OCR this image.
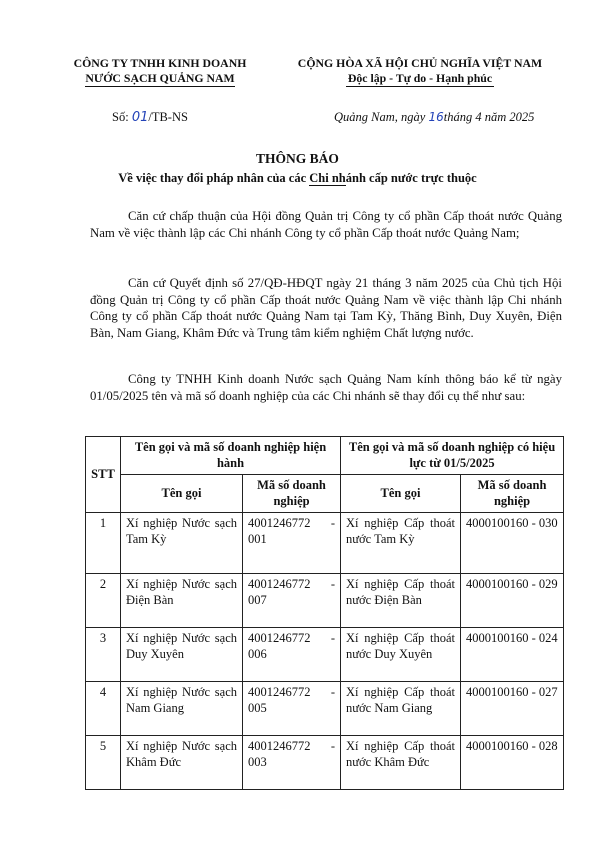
CÔNG TY TNHH KINH DOANH
NƯỚC SẠCH QUẢNG NAM
CỘNG HÒA XÃ HỘI CHỦ NGHĨA VIỆT NAM
Độc lập - Tự do - Hạnh phúc
Số: 01/TB-NS	Quảng Nam, ngày 16tháng 4 năm 2025
THÔNG BÁO
Về việc thay đổi pháp nhân của các Chi nhánh cấp nước trực thuộc

Căn cứ chấp thuận của Hội đồng Quản trị Công ty cổ phần Cấp thoát nước Quảng Nam về việc thành lập các Chi nhánh Công ty cổ phần Cấp thoát nước Quảng Nam;

Căn cứ Quyết định số 27/QĐ-HĐQT ngày 21 tháng 3 năm 2025 của Chủ tịch Hội đồng Quản trị Công ty cổ phần Cấp thoát nước Quảng Nam về việc thành lập Chi nhánh Công ty cổ phần Cấp thoát nước Quảng Nam tại Tam Kỳ, Thăng Bình, Duy Xuyên, Điện Bàn, Nam Giang, Khâm Đức và Trung tâm kiểm nghiệm Chất lượng nước.

Công ty TNHH Kinh doanh Nước sạch Quảng Nam kính thông báo kể từ ngày 01/05/2025 tên và mã số doanh nghiệp của các Chi nhánh sẽ thay đổi cụ thể như sau:

STT	Tên gọi và mã số doanh nghiệp hiện hành		Tên gọi và mã số doanh nghiệp có hiệu lực từ 01/5/2025	
	Tên gọi	Mã số doanh nghiệp	Tên gọi	Mã số doanh nghiệp
1	Xí nghiệp Nước sạch Tam Kỳ	4001246772 - 001	Xí nghiệp Cấp thoát nước Tam Kỳ	4000100160 - 030
2	Xí nghiệp Nước sạch Điện Bàn	4001246772 - 007	Xí nghiệp Cấp thoát nước Điện Bàn	4000100160 - 029
3	Xí nghiệp Nước sạch Duy Xuyên	4001246772 - 006	Xí nghiệp Cấp thoát nước Duy Xuyên	4000100160 - 024
4	Xí nghiệp Nước sạch Nam Giang	4001246772 - 005	Xí nghiệp Cấp thoát nước Nam Giang	4000100160 - 027
5	Xí nghiệp Nước sạch Khâm Đức	4001246772 - 003	Xí nghiệp Cấp thoát nước Khâm Đức	4000100160 - 028
